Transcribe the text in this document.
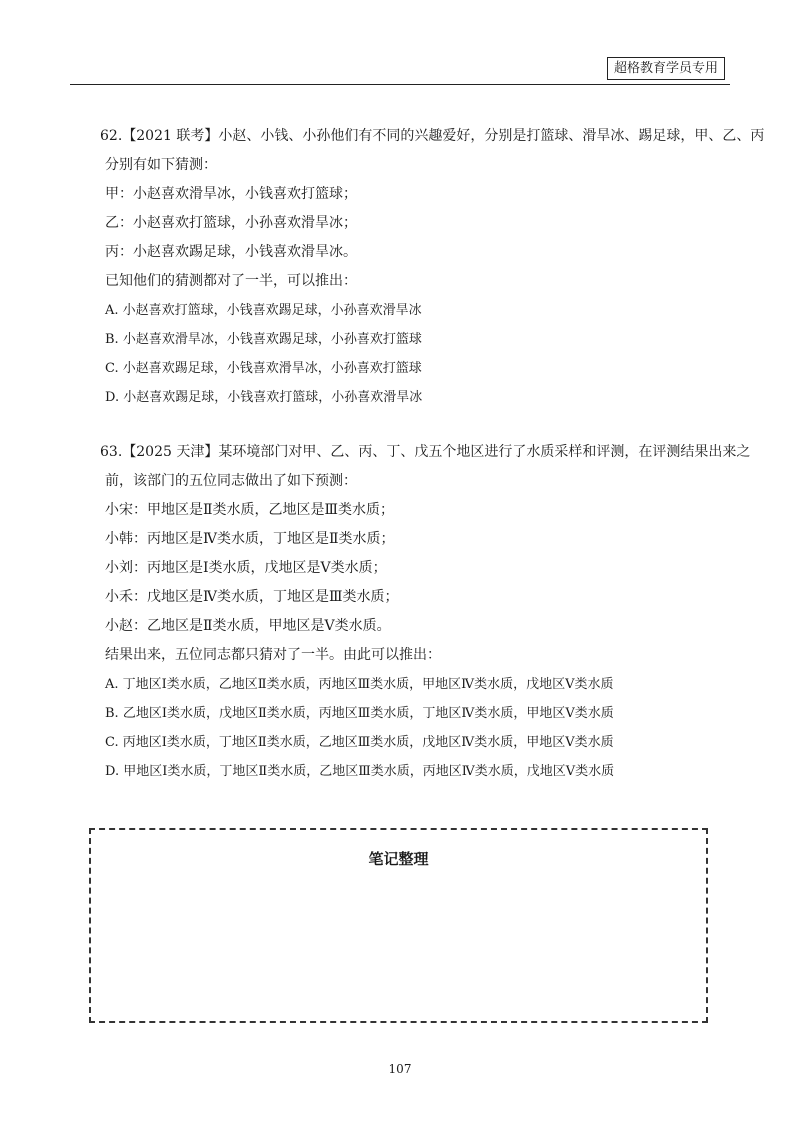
超格教育学员专用
62.【2021 联考】小赵、小钱、小孙他们有不同的兴趣爱好，分别是打篮球、滑旱冰、踢足球，甲、乙、丙
分别有如下猜测：
甲：小赵喜欢滑旱冰，小钱喜欢打篮球；
乙：小赵喜欢打篮球，小孙喜欢滑旱冰；
丙：小赵喜欢踢足球，小钱喜欢滑旱冰。
已知他们的猜测都对了一半，可以推出：
A. 小赵喜欢打篮球，小钱喜欢踢足球，小孙喜欢滑旱冰
B. 小赵喜欢滑旱冰，小钱喜欢踢足球，小孙喜欢打篮球
C. 小赵喜欢踢足球，小钱喜欢滑旱冰，小孙喜欢打篮球
D. 小赵喜欢踢足球，小钱喜欢打篮球，小孙喜欢滑旱冰
63.【2025 天津】某环境部门对甲、乙、丙、丁、戊五个地区进行了水质采样和评测，在评测结果出来之
前，该部门的五位同志做出了如下预测：
小宋：甲地区是Ⅱ类水质，乙地区是Ⅲ类水质；
小韩：丙地区是Ⅳ类水质，丁地区是Ⅱ类水质；
小刘：丙地区是Ⅰ类水质，戊地区是Ⅴ类水质；
小禾：戊地区是Ⅳ类水质，丁地区是Ⅲ类水质；
小赵：乙地区是Ⅱ类水质，甲地区是Ⅴ类水质。
结果出来，五位同志都只猜对了一半。由此可以推出：
A. 丁地区Ⅰ类水质，乙地区Ⅱ类水质，丙地区Ⅲ类水质，甲地区Ⅳ类水质，戊地区Ⅴ类水质
B. 乙地区Ⅰ类水质，戊地区Ⅱ类水质，丙地区Ⅲ类水质，丁地区Ⅳ类水质，甲地区Ⅴ类水质
C. 丙地区Ⅰ类水质，丁地区Ⅱ类水质，乙地区Ⅲ类水质，戊地区Ⅳ类水质，甲地区Ⅴ类水质
D. 甲地区Ⅰ类水质，丁地区Ⅱ类水质，乙地区Ⅲ类水质，丙地区Ⅳ类水质，戊地区Ⅴ类水质
笔记整理
107
